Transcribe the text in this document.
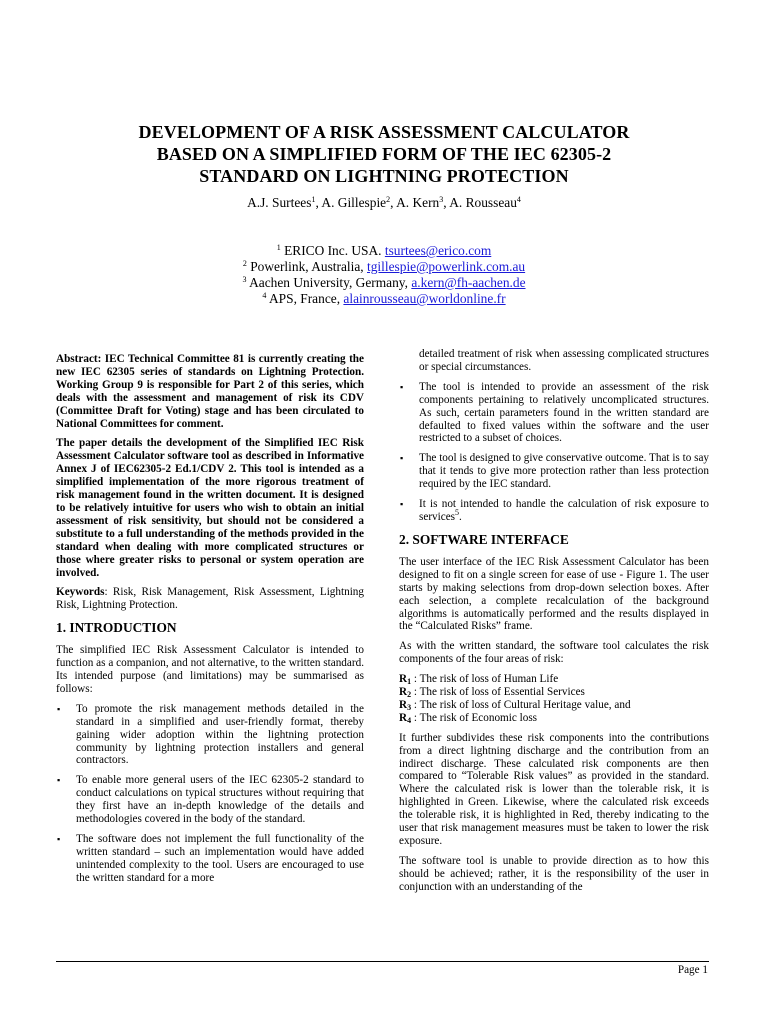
DEVELOPMENT OF A RISK ASSESSMENT CALCULATOR
BASED ON A SIMPLIFIED FORM OF THE IEC 62305-2
STANDARD ON LIGHTNING PROTECTION
A.J. Surtees$^1$, A. Gillespie$^2$, A. Kern$^3$, A. Rousseau$^4$
$^1$ ERICO Inc. USA. tsurtees@erico.com
$^2$ Powerlink, Australia, tgillespie@powerlink.com.au
$^3$ Aachen University, Germany, a.kern@fh-aachen.de
$^4$ APS, France, alainrousseau@worldonline.fr

Abstract: IEC Technical Committee 81 is currently creating the new IEC 62305 series of standards on Lightning Protection. Working Group 9 is responsible for Part 2 of this series, which deals with the assessment and management of risk its CDV (Committee Draft for Voting) stage and has been circulated to National Committees for comment.

The paper details the development of the Simplified IEC Risk Assessment Calculator software tool as described in Informative Annex J of IEC62305-2 Ed.1/CDV 2. This tool is intended as a simplified implementation of the more rigorous treatment of risk management found in the written document. It is designed to be relatively intuitive for users who wish to obtain an initial assessment of risk sensitivity, but should not be considered a substitute to a full understanding of the methods provided in the standard when dealing with more complicated structures or those where greater risks to personal or system operation are involved.

Keywords: Risk, Risk Management, Risk Assessment, Lightning Risk, Lightning Protection.

1. INTRODUCTION

The simplified IEC Risk Assessment Calculator is intended to function as a companion, and not alternative, to the written standard. Its intended purpose (and limitations) may be summarised as follows:

▪ To promote the risk management methods detailed in the standard in a simplified and user-friendly format, thereby gaining wider adoption within the lightning protection community by lightning protection installers and general contractors.
▪ To enable more general users of the IEC 62305-2 standard to conduct calculations on typical structures without requiring that they first have an in-depth knowledge of the details and methodologies covered in the body of the standard.
▪ The software does not implement the full functionality of the written standard – such an implementation would have added unintended complexity to the tool. Users are encouraged to use the written standard for a more
detailed treatment of risk when assessing complicated structures or special circumstances.
▪ The tool is intended to provide an assessment of the risk components pertaining to relatively uncomplicated structures. As such, certain parameters found in the written standard are defaulted to fixed values within the software and the user restricted to a subset of choices.
▪ The tool is designed to give conservative outcome. That is to say that it tends to give more protection rather than less protection required by the IEC standard.
▪ It is not intended to handle the calculation of risk exposure to services$^5$.
2. SOFTWARE INTERFACE

The user interface of the IEC Risk Assessment Calculator has been designed to fit on a single screen for ease of use - Figure 1. The user starts by making selections from drop-down selection boxes. After each selection, a complete recalculation of the background algorithms is automatically performed and the results displayed in the “Calculated Risks” frame.

As with the written standard, the software tool calculates the risk components of the four areas of risk:

$R_1$ : The risk of loss of Human Life
$R_2$ : The risk of loss of Essential Services
$R_3$ : The risk of loss of Cultural Heritage value, and
$R_4$ : The risk of Economic loss

It further subdivides these risk components into the contributions from a direct lightning discharge and the contribution from an indirect discharge. These calculated risk components are then compared to “Tolerable Risk values” as provided in the standard. Where the calculated risk is lower than the tolerable risk, it is highlighted in Green. Likewise, where the calculated risk exceeds the tolerable risk, it is highlighted in Red, thereby indicating to the user that risk management measures must be taken to lower the risk exposure.

The software tool is unable to provide direction as to how this should be achieved; rather, it is the responsibility of the user in conjunction with an understanding of the

Page 1
